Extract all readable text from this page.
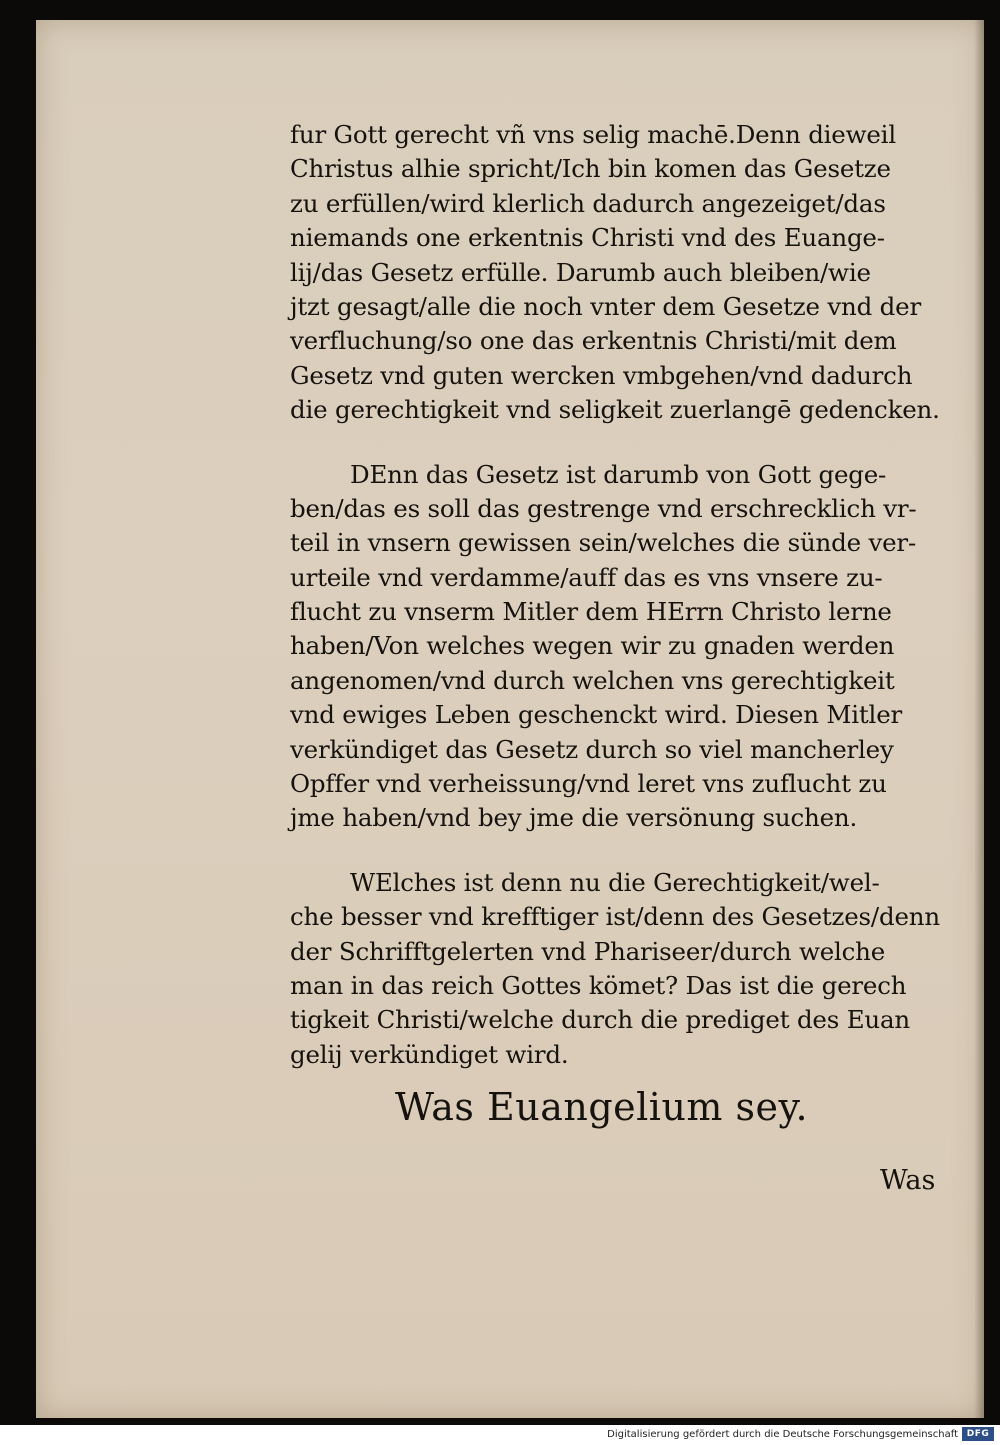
fur Gott gerecht vñ vns selig machē.Denn dieweil
Christus alhie spricht/Ich bin komen das Gesetze
zu erfüllen/wird klerlich dadurch angezeiget/das
niemands one erkentnis Christi vnd des Euange-
lij/das Gesetz erfülle. Darumb auch bleiben/wie
jtzt gesagt/alle die noch vnter dem Gesetze vnd der
verfluchung/so one das erkentnis Christi/mit dem
Gesetz vnd guten wercken vmbgehen/vnd dadurch
die gerechtigkeit vnd seligkeit zuerlangē gedencken.

DEnn das Gesetz ist darumb von Gott gege-
ben/das es soll das gestrenge vnd erschrecklich vr-
teil in vnsern gewissen sein/welches die sünde ver-
urteile vnd verdamme/auff das es vns vnsere zu-
flucht zu vnserm Mitler dem HErrn Christo lerne
haben/Von welches wegen wir zu gnaden werden
angenomen/vnd durch welchen vns gerechtigkeit
vnd ewiges Leben geschenckt wird. Diesen Mitler
verkündiget das Gesetz durch so viel mancherley
Opffer vnd verheissung/vnd leret vns zuflucht zu
jme haben/vnd bey jme die versönung suchen.

WElches ist denn nu die Gerechtigkeit/wel-
che besser vnd krefftiger ist/denn des Gesetzes/denn
der Schrifftgelerten vnd Phariseer/durch welche
man in das reich Gottes kömet? Das ist die gerech
tigkeit Christi/welche durch die prediget des Euan
gelij verkündiget wird.

Was Euangelium sey.
Was
Digitalisierung gefördert durch die Deutsche Forschungsgemeinschaft DFG
